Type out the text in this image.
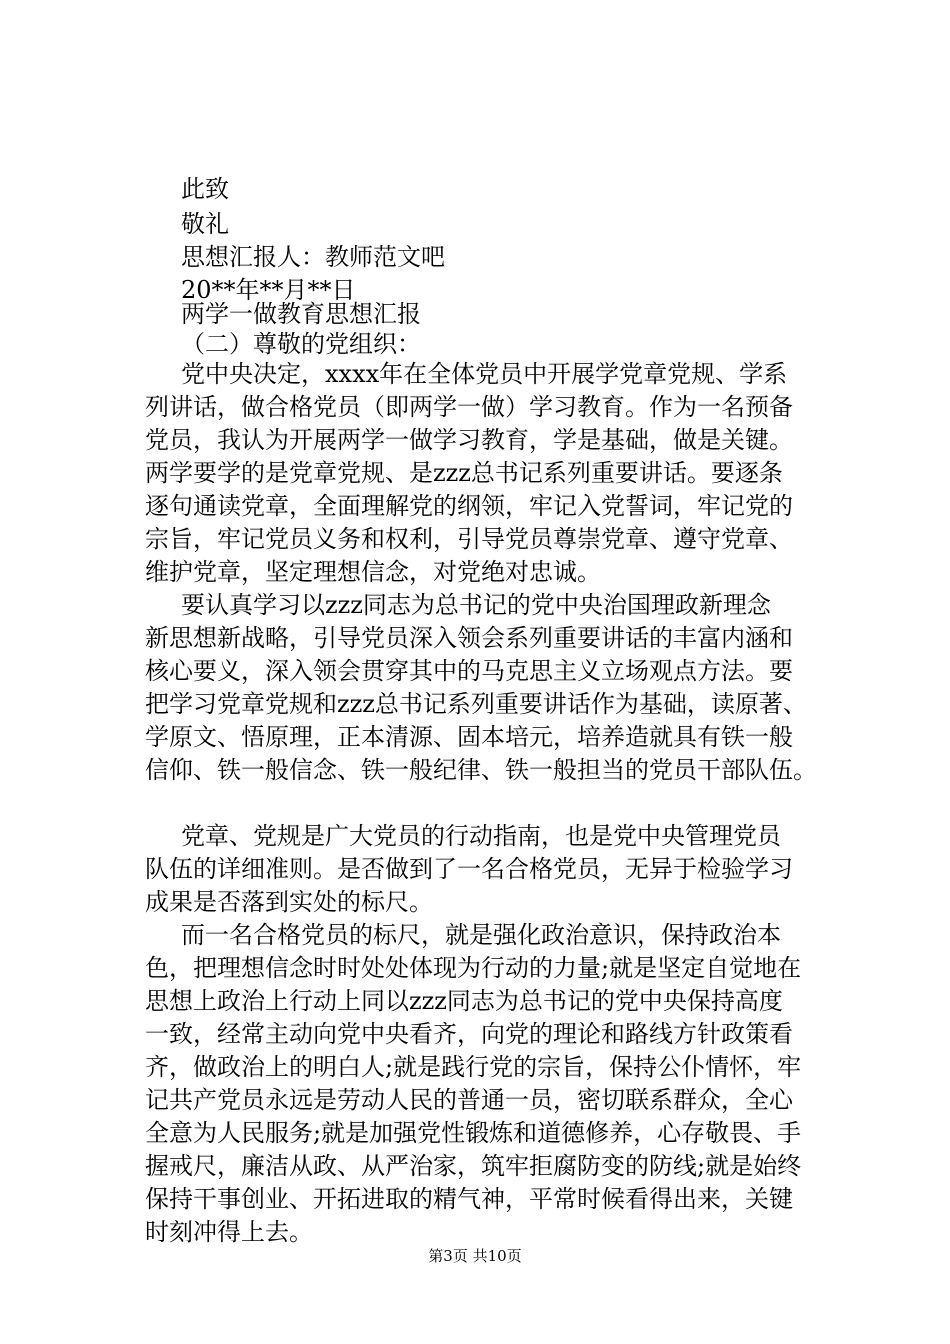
此致
敬礼
思想汇报人：教师范文吧
20**年**月**日
两学一做教育思想汇报
（二）尊敬的党组织：
党中央决定，xxxx年在全体党员中开展学党章党规、学系
列讲话，做合格党员（即两学一做）学习教育。作为一名预备
党员，我认为开展两学一做学习教育，学是基础，做是关键。
两学要学的是党章党规、是zzz总书记系列重要讲话。要逐条
逐句通读党章，全面理解党的纲领，牢记入党誓词，牢记党的
宗旨，牢记党员义务和权利，引导党员尊崇党章、遵守党章、
维护党章，坚定理想信念，对党绝对忠诚。
要认真学习以zzz同志为总书记的党中央治国理政新理念
新思想新战略，引导党员深入领会系列重要讲话的丰富内涵和
核心要义，深入领会贯穿其中的马克思主义立场观点方法。要
把学习党章党规和zzz总书记系列重要讲话作为基础，读原著、
学原文、悟原理，正本清源、固本培元，培养造就具有铁一般
信仰、铁一般信念、铁一般纪律、铁一般担当的党员干部队伍。
党章、党规是广大党员的行动指南，也是党中央管理党员
队伍的详细准则。是否做到了一名合格党员，无异于检验学习
成果是否落到实处的标尺。
而一名合格党员的标尺，就是强化政治意识，保持政治本
色，把理想信念时时处处体现为行动的力量;就是坚定自觉地在
思想上政治上行动上同以zzz同志为总书记的党中央保持高度
一致，经常主动向党中央看齐，向党的理论和路线方针政策看
齐，做政治上的明白人;就是践行党的宗旨，保持公仆情怀，牢
记共产党员永远是劳动人民的普通一员，密切联系群众，全心
全意为人民服务;就是加强党性锻炼和道德修养，心存敬畏、手
握戒尺，廉洁从政、从严治家，筑牢拒腐防变的防线;就是始终
保持干事创业、开拓进取的精气神，平常时候看得出来，关键
时刻冲得上去。
第3页 共10页
